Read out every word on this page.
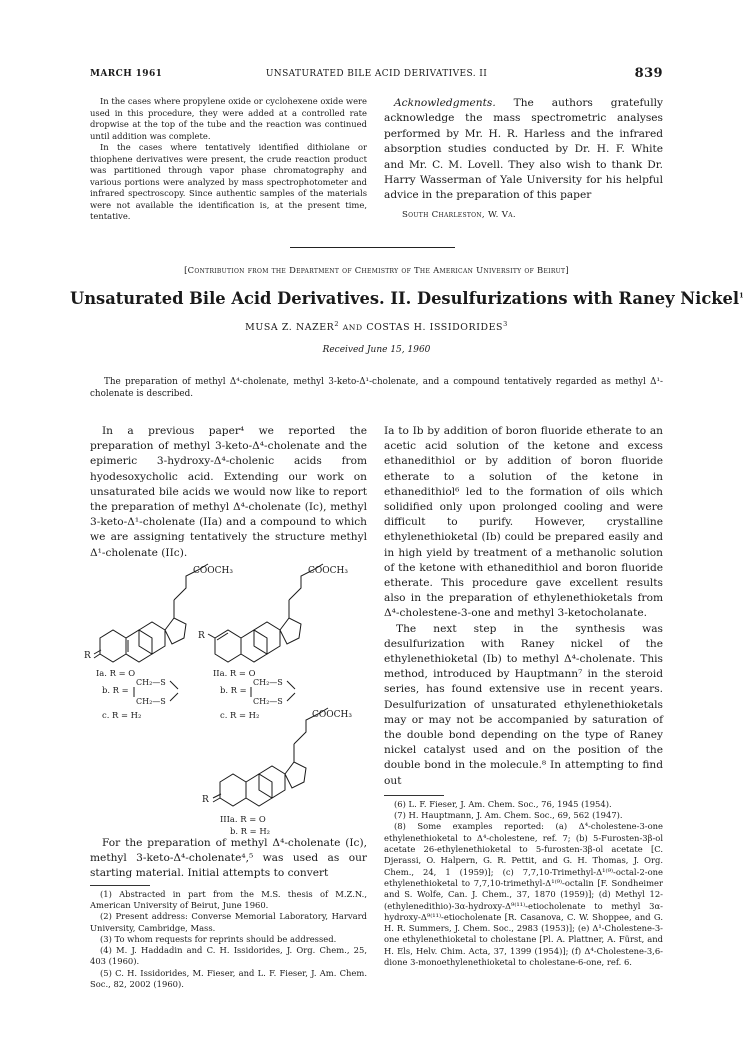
MARCH 1961	UNSATURATED BILE ACID DERIVATIVES. II	839

In the cases where propylene oxide or cyclohexene oxide were used in this procedure, they were added at a controlled rate dropwise at the top of the tube and the reaction was continued until addition was complete.

In the cases where tentatively identified dithiolane or thiophene derivatives were present, the crude reaction product was partitioned through vapor phase chromatography and various portions were analyzed by mass spectrophotometer and infrared spectroscopy. Since authentic samples of the materials were not available the identification is, at the present time, tentative.

Acknowledgments. The authors gratefully acknowledge the mass spectrometric analyses performed by Mr. H. R. Harless and the infrared absorption studies conducted by Dr. H. F. White and Mr. C. M. Lovell. They also wish to thank Dr. Harry Wasserman of Yale University for his helpful advice in the preparation of this paper

South Charleston, W. Va.
[Contribution from the Department of Chemistry of The American University of Beirut]
Unsaturated Bile Acid Derivatives. II. Desulfurizations with Raney Nickel$^1$
MUSA Z. NAZER$^2$ AND COSTAS H. ISSIDORIDES$^3$
Received June 15, 1960
The preparation of methyl Δ⁴-cholenate, methyl 3-keto-Δ¹-cholenate, and a compound tentatively regarded as methyl Δ¹-cholenate is described.

In a previous paper⁴ we reported the preparation of methyl 3-keto-Δ⁴-cholenate and the epimeric 3-hydroxy-Δ⁴-cholenic acids from hyodesoxycholic acid. Extending our work on unsaturated bile acids we would now like to report the preparation of methyl Δ⁴-cholenate (Ic), methyl 3-keto-Δ¹-cholenate (IIa) and a compound to which we are assigning tentatively the structure methyl Δ¹-cholenate (IIc).

COOCH₃
R
COOCH₃
R
Ia. R = O
b. R =
CH₂—S
CH₂—S
c. R = H₂
IIa. R = O
b. R =
CH₂—S
CH₂—S
c. R = H₂	COOCH₃
R
IIIa. R = O
b. R = H₂

For the preparation of methyl Δ⁴-cholenate (Ic), methyl 3-keto-Δ⁴-cholenate⁴,⁵ was used as our starting material. Initial attempts to convert

(1) Abstracted in part from the M.S. thesis of M.Z.N., American University of Beirut, June 1960.

(2) Present address: Converse Memorial Laboratory, Harvard University, Cambridge, Mass.

(3) To whom requests for reprints should be addressed.

(4) M. J. Haddadin and C. H. Issidorides, J. Org. Chem., 25, 403 (1960).

(5) C. H. Issidorides, M. Fieser, and L. F. Fieser, J. Am. Chem. Soc., 82, 2002 (1960).

Ia to Ib by addition of boron fluoride etherate to an acetic acid solution of the ketone and excess ethanedithiol or by addition of boron fluoride etherate to a solution of the ketone in ethanedithiol⁶ led to the formation of oils which solidified only upon prolonged cooling and were difficult to purify. However, crystalline ethylenethioketal (Ib) could be prepared easily and in high yield by treatment of a methanolic solution of the ketone with ethanedithiol and boron fluoride etherate. This procedure gave excellent results also in the preparation of ethylenethioketals from Δ⁴-cholestene-3-one and methyl 3-ketocholanate.

The next step in the synthesis was desulfurization with Raney nickel of the ethylenethioketal (Ib) to methyl Δ⁴-cholenate. This method, introduced by Hauptmann⁷ in the steroid series, has found extensive use in recent years. Desulfurization of unsaturated ethylenethioketals may or may not be accompanied by saturation of the double bond depending on the type of Raney nickel catalyst used and on the position of the double bond in the molecule.⁸ In attempting to find out

(6) L. F. Fieser, J. Am. Chem. Soc., 76, 1945 (1954).

(7) H. Hauptmann, J. Am. Chem. Soc., 69, 562 (1947).

(8) Some examples reported: (a) Δ⁴-cholestene-3-one ethylenethioketal to Δ⁴-cholestene, ref. 7; (b) 5-Furosten-3β-ol acetate 26-ethylenethioketal to 5-furosten-3β-ol acetate [C. Djerassi, O. Halpern, G. R. Pettit, and G. H. Thomas, J. Org. Chem., 24, 1 (1959)]; (c) 7,7,10-Trimethyl-Δ¹⁽⁹⁾-octal-2-one ethylenethioketal to 7,7,10-trimethyl-Δ¹⁽⁹⁾-octalin [F. Sondheimer and S. Wolfe, Can. J. Chem., 37, 1870 (1959)]; (d) Methyl 12-(ethylenedithio)-3α-hydroxy-Δ⁹⁽¹¹⁾-etiocholenate to methyl 3α-hydroxy-Δ⁹⁽¹¹⁾-etiocholenate [R. Casanova, C. W. Shoppee, and G. H. R. Summers, J. Chem. Soc., 2983 (1953)]; (e) Δ¹-Cholestene-3-one ethylenethioketal to cholestane [Pl. A. Plattner, A. Fürst, and H. Els, Helv. Chim. Acta, 37, 1399 (1954)]; (f) Δ⁴-Cholestene-3,6-dione 3-monoethylenethioketal to cholestane-6-one, ref. 6.
